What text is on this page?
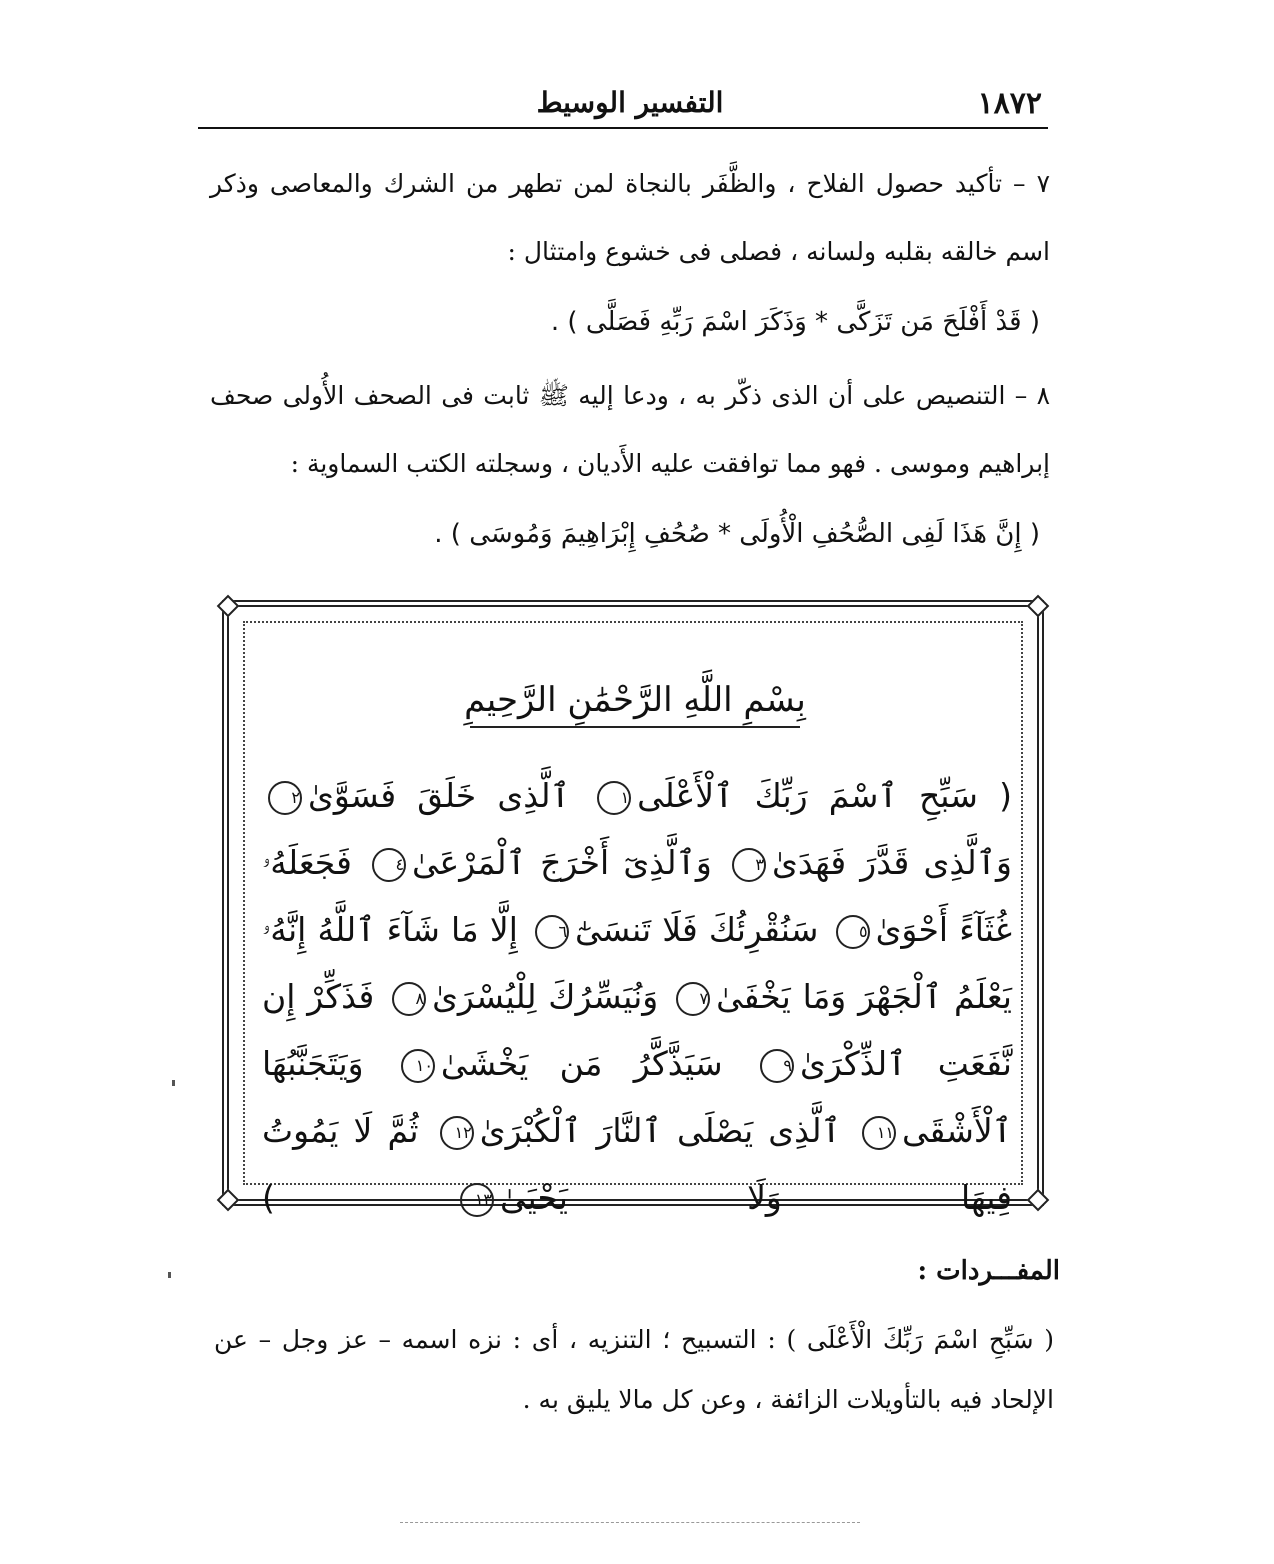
١٨٧٢
التفسير الوسيط
٧ – تأكيد حصول الفلاح ، والظَّفَر بالنجاة لمن تطهر من الشرك والمعاصى وذكر اسم خالقه بقلبه ولسانه ، فصلى فى خشوع وامتثال :
( قَدْ أَفْلَحَ مَن تَزَكَّى * وَذَكَرَ اسْمَ رَبِّهِ فَصَلَّى ) .
٨ – التنصيص على أن الذى ذكّر به ، ودعا إليه ﷺ ثابت فى الصحف الأُولى صحف إبراهيم وموسى . فهو مما توافقت عليه الأَديان ، وسجلته الكتب السماوية :
( إِنَّ هَذَا لَفِى الصُّحُفِ الْأُولَى * صُحُفِ إِبْرَاهِيمَ وَمُوسَى ) .
بِسْمِ اللَّهِ الرَّحْمَٰنِ الرَّحِيمِ
( سَبِّحِ ٱسْمَ رَبِّكَ ٱلْأَعْلَى١ ٱلَّذِى خَلَقَ فَسَوَّىٰ٢ وَٱلَّذِى قَدَّرَ فَهَدَىٰ٣ وَٱلَّذِىٓ أَخْرَجَ ٱلْمَرْعَىٰ٤ فَجَعَلَهُۥ غُثَآءً أَحْوَىٰ٥ سَنُقْرِئُكَ فَلَا تَنسَىٰٓ٦ إِلَّا مَا شَآءَ ٱللَّهُ إِنَّهُۥ يَعْلَمُ ٱلْجَهْرَ وَمَا يَخْفَىٰ٧ وَنُيَسِّرُكَ لِلْيُسْرَىٰ٨ فَذَكِّرْ إِن نَّفَعَتِ ٱلذِّكْرَىٰ٩ سَيَذَّكَّرُ مَن يَخْشَىٰ١٠ وَيَتَجَنَّبُهَا ٱلْأَشْقَى١١ ٱلَّذِى يَصْلَى ٱلنَّارَ ٱلْكُبْرَىٰ١٢ ثُمَّ لَا يَمُوتُ فِيهَا وَلَا يَحْيَىٰ١٣ )
المفـــردات :
( سَبِّحِ اسْمَ رَبِّكَ الْأَعْلَى ) : التسبيح ؛ التنزيه ، أى : نزه اسمه – عز وجل – عن الإلحاد فيه بالتأويلات الزائفة ، وعن كل مالا يليق به .
